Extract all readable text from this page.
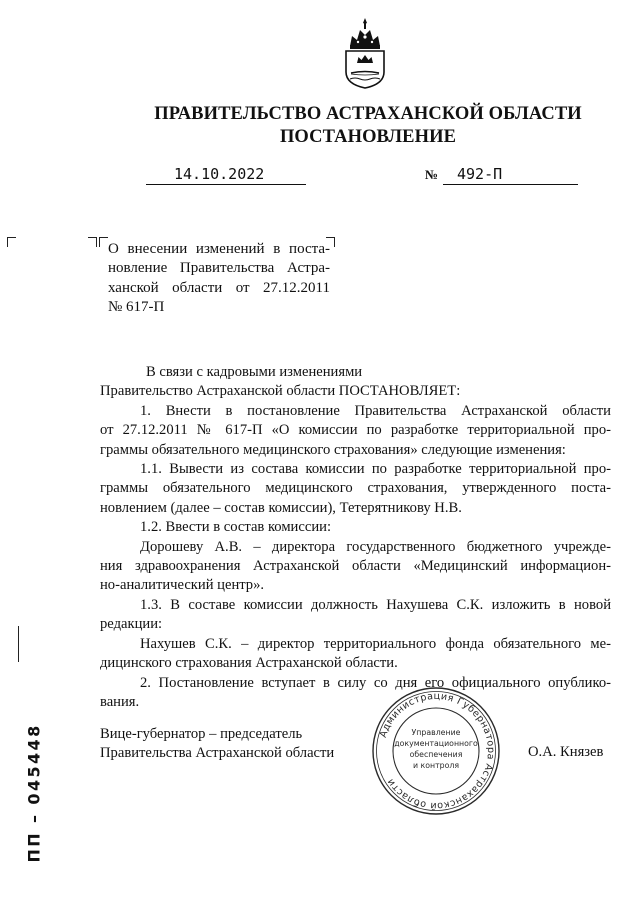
ПРАВИТЕЛЬСТВО АСТРАХАНСКОЙ ОБЛАСТИ
ПОСТАНОВЛЕНИЕ
14.10.2022	№ 492-П
О внесении изменений в поста-
новление Правительства Астра-
ханской области от 27.12.2011
№ 617-П
В связи с кадровыми изменениями
Правительство Астраханской области ПОСТАНОВЛЯЕТ:
1. Внести в постановление Правительства Астраханской области
от 27.12.2011 № 617-П «О комиссии по разработке территориальной про-
граммы обязательного медицинского страхования» следующие изменения:
1.1. Вывести из состава комиссии по разработке территориальной про-
граммы обязательного медицинского страхования, утвержденного поста-
новлением (далее – состав комиссии), Тетерятникову Н.В.
1.2. Ввести в состав комиссии:
Дорошеву А.В. – директора государственного бюджетного учрежде-
ния здравоохранения Астраханской области «Медицинский информацион-
но-аналитический центр».
1.3. В составе комиссии должность Нахушева С.К. изложить в новой
редакции:
Нахушев С.К. – директор территориального фонда обязательного ме-
дицинского страхования Астраханской области.
2. Постановление вступает в силу со дня его официального опублико-
вания.
Вице-губернатор – председатель
Правительства Астраханской области	О.А. Князев
Администрация Губернатора Астраханской области
Управление
документационного
обеспечения
и контроля
ПП – 045448
